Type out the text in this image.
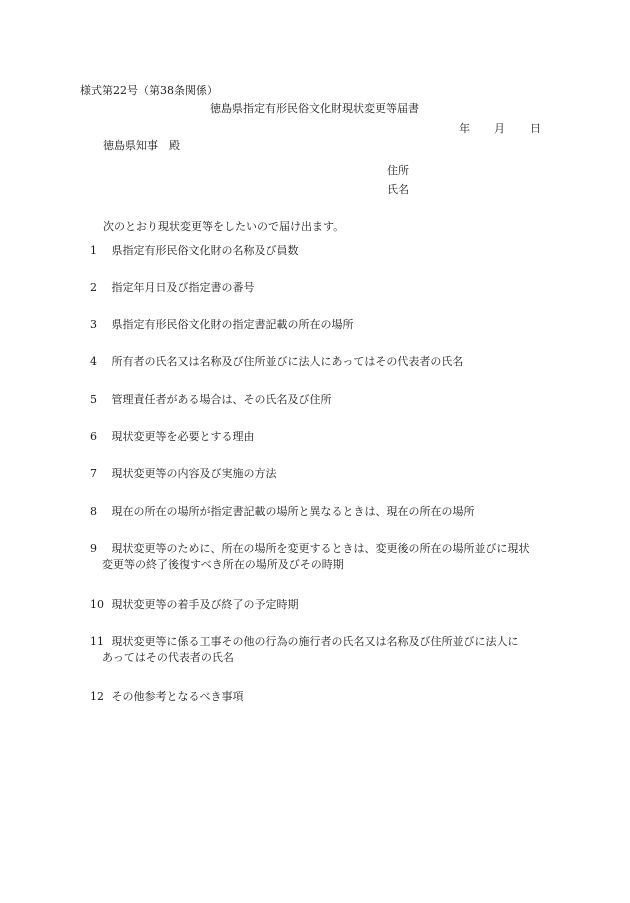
様式第22号（第38条関係）
徳島県指定有形民俗文化財現状変更等届書
年 月 日
徳島県知事　殿
住所
氏名
次のとおり現状変更等をしたいので届け出ます。
1 県指定有形民俗文化財の名称及び員数
2 指定年月日及び指定書の番号
3 県指定有形民俗文化財の指定書記載の所在の場所
4 所有者の氏名又は名称及び住所並びに法人にあってはその代表者の氏名
5 管理責任者がある場合は、その氏名及び住所
6 現状変更等を必要とする理由
7 現状変更等の内容及び実施の方法
8 現在の所在の場所が指定書記載の場所と異なるときは、現在の所在の場所
9 現状変更等のために、所在の場所を変更するときは、変更後の所在の場所並びに現状
変更等の終了後復すべき所在の場所及びその時期
10 現状変更等の着手及び終了の予定時期
11 現状変更等に係る工事その他の行為の施行者の氏名又は名称及び住所並びに法人に
あってはその代表者の氏名
12 その他参考となるべき事項
